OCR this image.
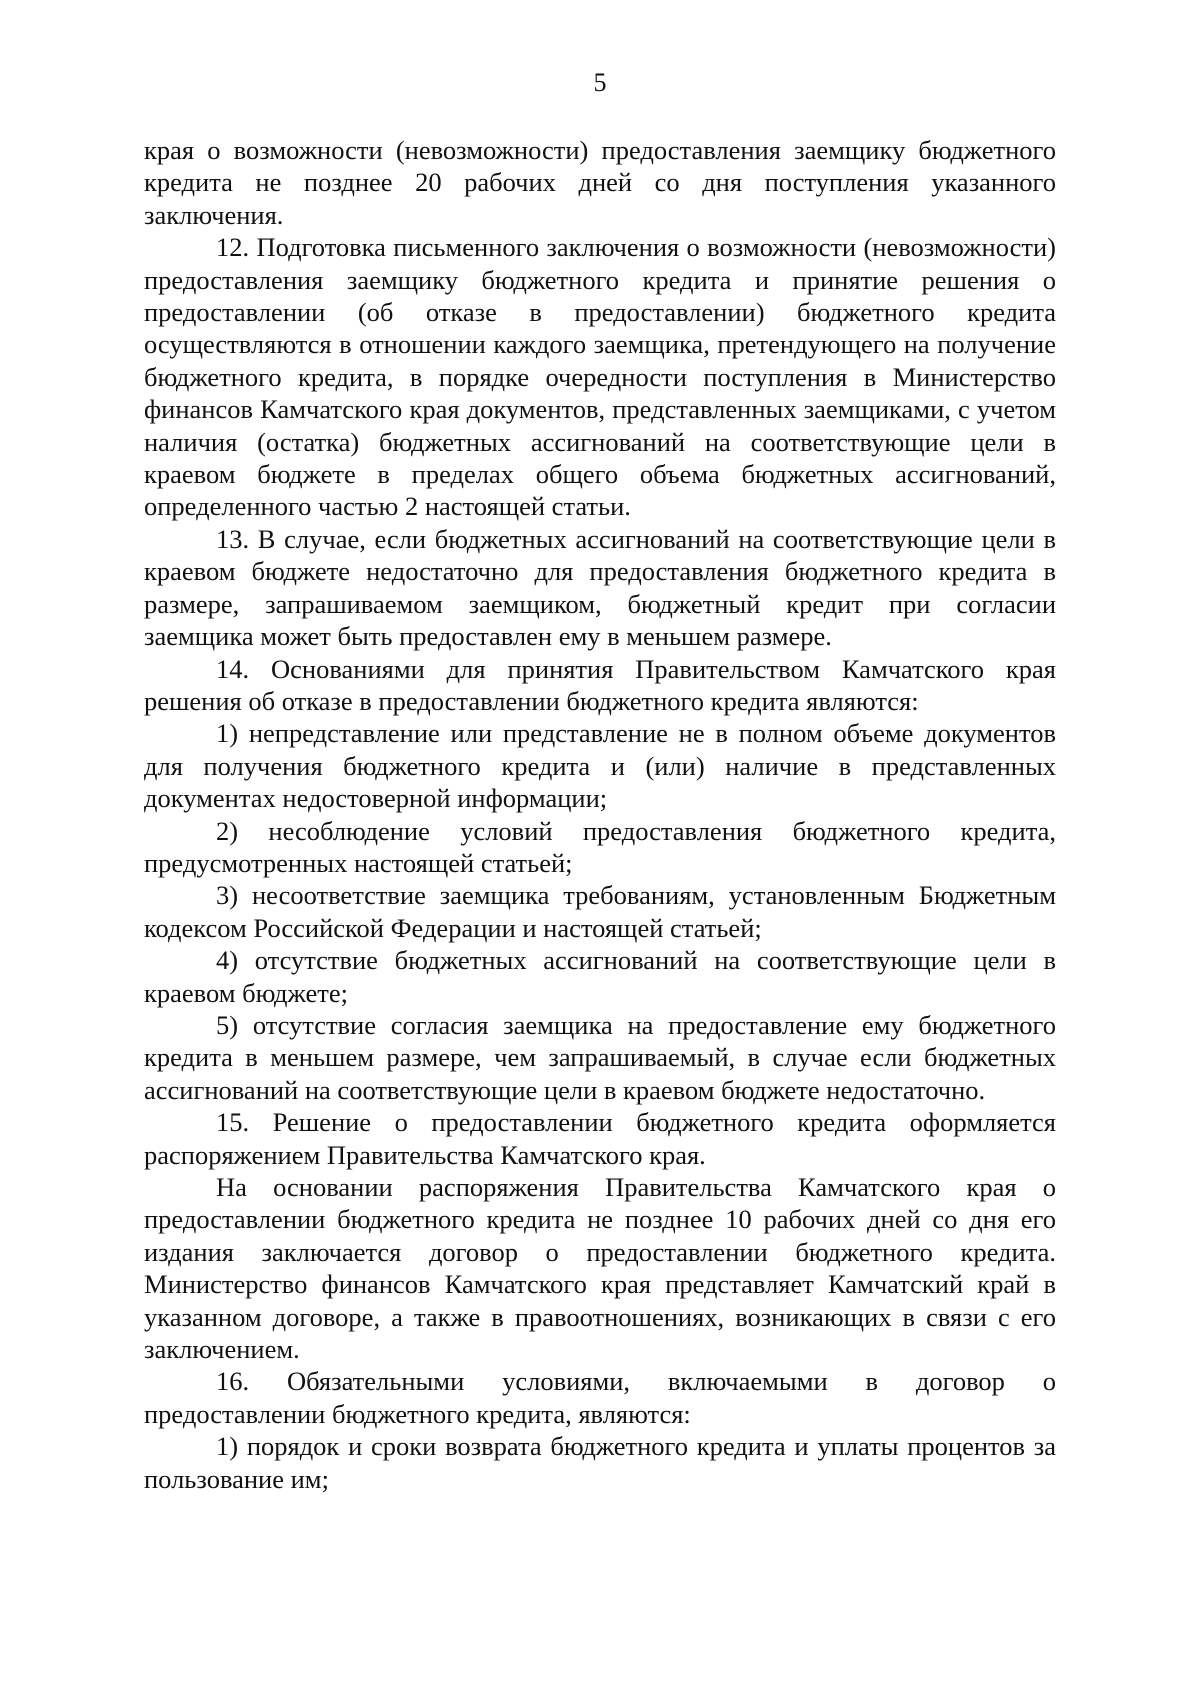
5

края о возможности (невозможности) предоставления заемщику бюджетного кредита не позднее 20 рабочих дней со дня поступления указанного заключения.

12. Подготовка письменного заключения о возможности (невозможности) предоставления заемщику бюджетного кредита и принятие решения о предоставлении (об отказе в предоставлении) бюджетного кредита осуществляются в отношении каждого заемщика, претендующего на получение бюджетного кредита, в порядке очередности поступления в Министерство финансов Камчатского края документов, представленных заемщиками, с учетом наличия (остатка) бюджетных ассигнований на соответствующие цели в краевом бюджете в пределах общего объема бюджетных ассигнований, определенного частью 2 настоящей статьи.

13. В случае, если бюджетных ассигнований на соответствующие цели в краевом бюджете недостаточно для предоставления бюджетного кредита в размере, запрашиваемом заемщиком, бюджетный кредит при согласии заемщика может быть предоставлен ему в меньшем размере.

14. Основаниями для принятия Правительством Камчатского края решения об отказе в предоставлении бюджетного кредита являются:

1) непредставление или представление не в полном объеме документов для получения бюджетного кредита и (или) наличие в представленных документах недостоверной информации;

2) несоблюдение условий предоставления бюджетного кредита, предусмотренных настоящей статьей;

3) несоответствие заемщика требованиям, установленным Бюджетным кодексом Российской Федерации и настоящей статьей;

4) отсутствие бюджетных ассигнований на соответствующие цели в краевом бюджете;

5) отсутствие согласия заемщика на предоставление ему бюджетного кредита в меньшем размере, чем запрашиваемый, в случае если бюджетных ассигнований на соответствующие цели в краевом бюджете недостаточно.

15. Решение о предоставлении бюджетного кредита оформляется распоряжением Правительства Камчатского края.

На основании распоряжения Правительства Камчатского края о предоставлении бюджетного кредита не позднее 10 рабочих дней со дня его издания заключается договор о предоставлении бюджетного кредита. Министерство финансов Камчатского края представляет Камчатский край в указанном договоре, а также в правоотношениях, возникающих в связи с его заключением.

16. Обязательными условиями, включаемыми в договор о предоставлении бюджетного кредита, являются:

1) порядок и сроки возврата бюджетного кредита и уплаты процентов за пользование им;
